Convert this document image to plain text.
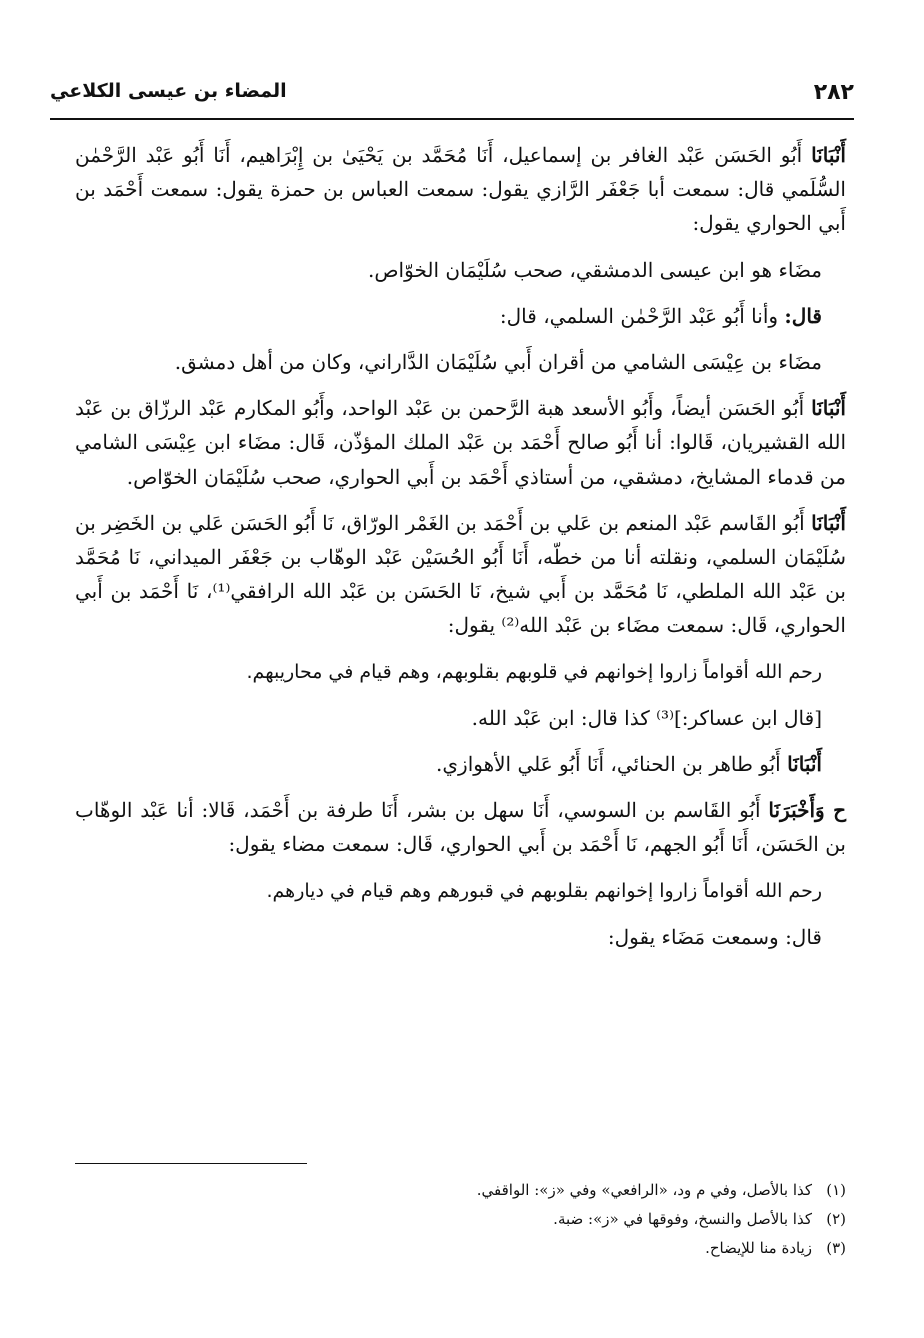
٢٨٢
المضاء بن عيسى الكلاعي

أَنْبَانَا أَبُو الحَسَن عَبْد الغافر بن إسماعيل، أَنَا مُحَمَّد بن يَحْيَىٰ بن إِبْرَاهيم، أَنَا أَبُو عَبْد الرَّحْمٰن السُّلَمي قال: سمعت أبا جَعْفَر الرَّازي يقول: سمعت العباس بن حمزة يقول: سمعت أَحْمَد بن أَبي الحواري يقول:

مضَاء هو ابن عيسى الدمشقي، صحب سُلَيْمَان الخوّاص.

قال: وأنا أَبُو عَبْد الرَّحْمٰن السلمي، قال:

مضَاء بن عِيْسَى الشامي من أقران أَبي سُلَيْمَان الدَّاراني، وكان من أهل دمشق.

أَنْبَانَا أَبُو الحَسَن أيضاً، وأَبُو الأسعد هبة الرَّحمن بن عَبْد الواحد، وأَبُو المكارم عَبْد الرزّاق بن عَبْد الله القشيريان، قَالوا: أنا أَبُو صالح أَحْمَد بن عَبْد الملك المؤذّن، قَال: مضَاء ابن عِيْسَى الشامي من قدماء المشايخ، دمشقي، من أستاذي أَحْمَد بن أَبي الحواري، صحب سُلَيْمَان الخوّاص.

أَنْبَانَا أَبُو القَاسم عَبْد المنعم بن عَلي بن أَحْمَد بن الغَمْر الورّاق، نَا أَبُو الحَسَن عَلي بن الخَضِر بن سُلَيْمَان السلمي، ونقلته أنا من خطّه، أَنَا أَبُو الحُسَيْن عَبْد الوهّاب بن جَعْفَر الميداني، نَا مُحَمَّد بن عَبْد الله الملطي، نَا مُحَمَّد بن أَبي شيخ، نَا الحَسَن بن عَبْد الله الرافقي⁽¹⁾، نَا أَحْمَد بن أَبي الحواري، قَال: سمعت مضَاء بن عَبْد الله⁽²⁾ يقول:

رحم الله أقواماً زاروا إخوانهم في قلوبهم بقلوبهم، وهم قيام في محاريبهم.

[قال ابن عساكر:]⁽³⁾ كذا قال: ابن عَبْد الله.

أَنْبَانَا أَبُو طاهر بن الحنائي، أَنَا أَبُو عَلي الأهوازي.

ح وَأَخْبَرَنَا أَبُو القَاسم بن السوسي، أَنَا سهل بن بشر، أَنَا طرفة بن أَحْمَد، قَالا: أنا عَبْد الوهّاب بن الحَسَن، أَنَا أَبُو الجهم، نَا أَحْمَد بن أَبي الحواري، قَال: سمعت مضاء يقول:

رحم الله أقواماً زاروا إخوانهم بقلوبهم في قبورهم وهم قيام في ديارهم.

قال: وسمعت مَضَاء يقول:

(١)كذا بالأصل، وفي م ود، «الرافعي» وفي «ز»: الواقفي.
(٢)كذا بالأصل والنسخ، وفوقها في «ز»: ضبة.
(٣)زيادة منا للإيضاح.
